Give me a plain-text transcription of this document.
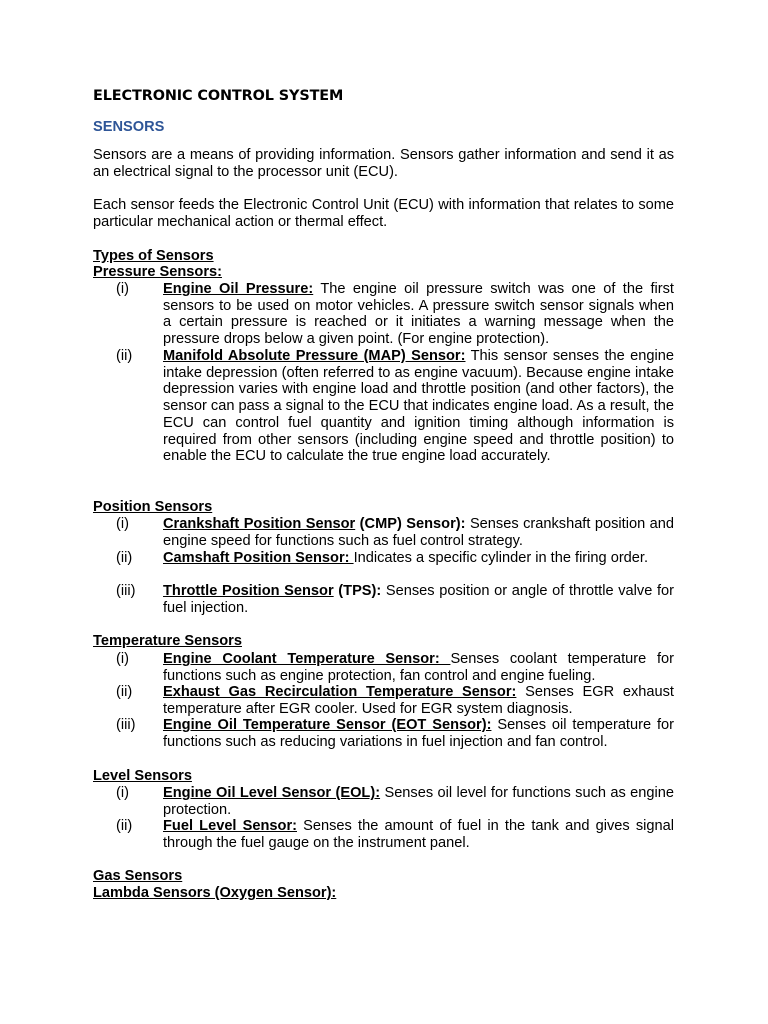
ELECTRONIC CONTROL SYSTEM
SENSORS

Sensors are a means of providing information. Sensors gather information and send it as an electrical signal to the processor unit (ECU).

Each sensor feeds the Electronic Control Unit (ECU) with information that relates to some particular mechanical action or thermal effect.

Types of Sensors
Pressure Sensors:
(i)	Engine Oil Pressure: The engine oil pressure switch was one of the first sensors to be used on motor vehicles. A pressure switch sensor signals when a certain pressure is reached or it initiates a warning message when the pressure drops below a given point. (For engine protection).
(ii)	Manifold Absolute Pressure (MAP) Sensor: This sensor senses the engine intake depression (often referred to as engine vacuum). Because engine intake depression varies with engine load and throttle position (and other factors), the sensor can pass a signal to the ECU that indicates engine load. As a result, the ECU can control fuel quantity and ignition timing although information is required from other sensors (including engine speed and throttle position) to enable the ECU to calculate the true engine load accurately.
Position Sensors
(i)	Crankshaft Position Sensor (CMP) Sensor): Senses crankshaft position and engine speed for functions such as fuel control strategy.
(ii)	Camshaft Position Sensor: Indicates a specific cylinder in the firing order.
(iii)	Throttle Position Sensor (TPS): Senses position or angle of throttle valve for fuel injection.
Temperature Sensors
(i)	Engine Coolant Temperature Sensor: Senses coolant temperature for functions such as engine protection, fan control and engine fueling.
(ii)	Exhaust Gas Recirculation Temperature Sensor: Senses EGR exhaust temperature after EGR cooler. Used for EGR system diagnosis.
(iii)	Engine Oil Temperature Sensor (EOT Sensor): Senses oil temperature for functions such as reducing variations in fuel injection and fan control.
Level Sensors
(i)	Engine Oil Level Sensor (EOL): Senses oil level for functions such as engine protection.
(ii)	Fuel Level Sensor: Senses the amount of fuel in the tank and gives signal through the fuel gauge on the instrument panel.
Gas Sensors
Lambda Sensors (Oxygen Sensor):
